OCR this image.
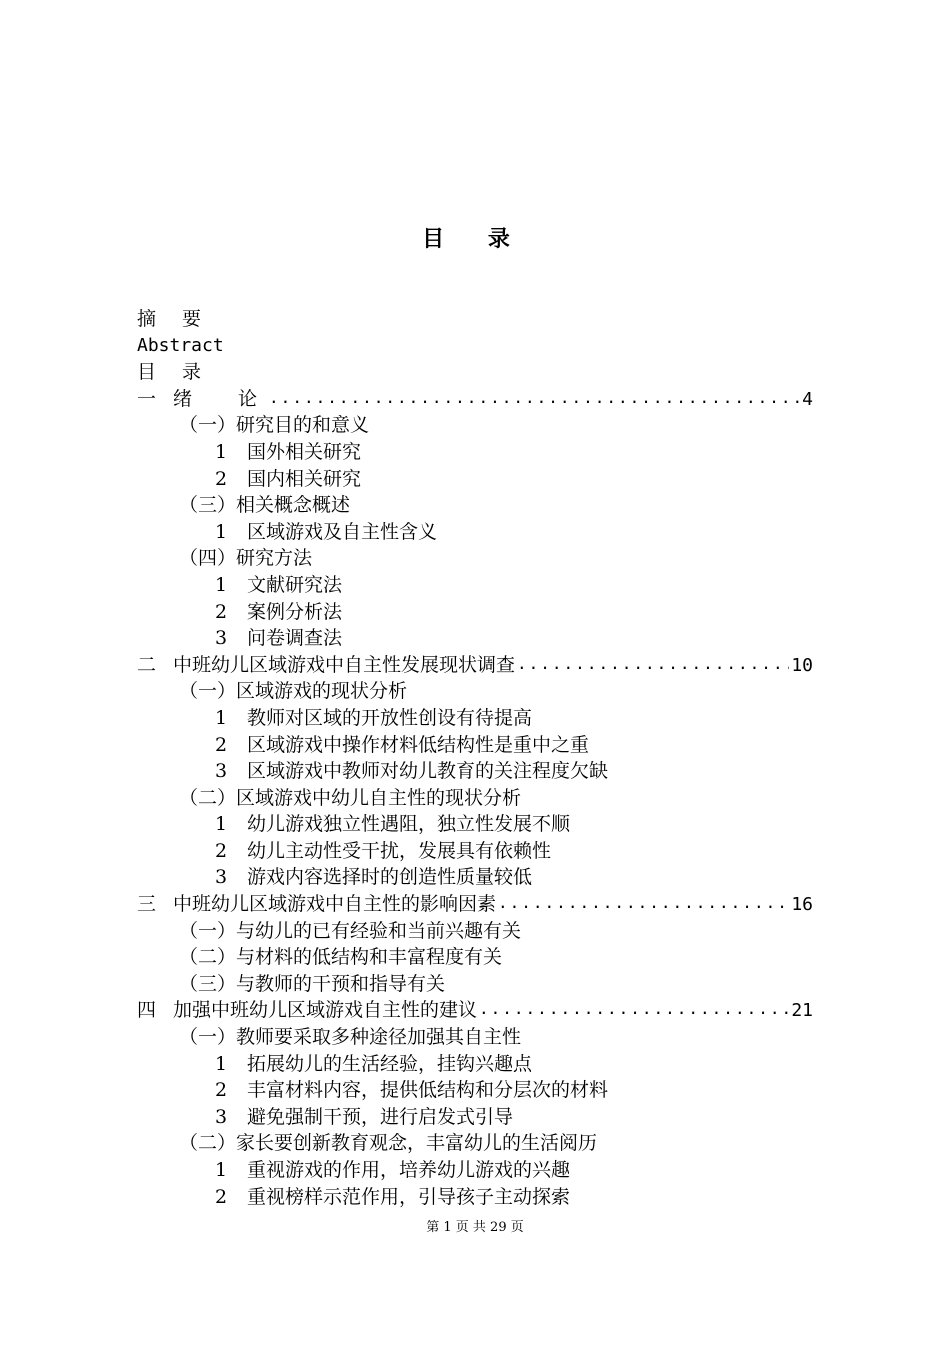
目 录
摘 要
Abstract
目 录
一 绪 论 .....	4
（一）研究目的和意义
1	国外相关研究
2	国内相关研究
（三）相关概念概述
1	区域游戏及自主性含义
（四）研究方法
1	文献研究法
2	案例分析法
3	问卷调查法
二 中班幼儿区域游戏中自主性发展现状调查 .....	10
（一）区域游戏的现状分析
1	教师对区域的开放性创设有待提高
2	区域游戏中操作材料低结构性是重中之重
3	区域游戏中教师对幼儿教育的关注程度欠缺
（二）区域游戏中幼儿自主性的现状分析
1	幼儿游戏独立性遇阻，独立性发展不顺
2	幼儿主动性受干扰，发展具有依赖性
3	游戏内容选择时的创造性质量较低
三 中班幼儿区域游戏中自主性的影响因素 .....	16
（一）与幼儿的已有经验和当前兴趣有关
（二）与材料的低结构和丰富程度有关
（三）与教师的干预和指导有关
四 加强中班幼儿区域游戏自主性的建议 .....	21
（一）教师要采取多种途径加强其自主性
1	拓展幼儿的生活经验，挂钩兴趣点
2	丰富材料内容，提供低结构和分层次的材料
3	避免强制干预，进行启发式引导
（二）家长要创新教育观念，丰富幼儿的生活阅历
1	重视游戏的作用，培养幼儿游戏的兴趣
2	重视榜样示范作用，引导孩子主动探索
第 1 页 共 29 页
